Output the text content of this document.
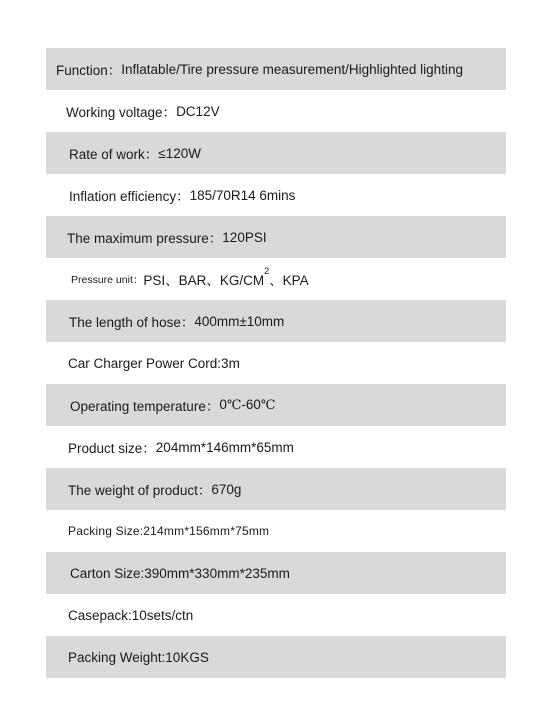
Function： Inflatable/Tire pressure measurement/Highlighted lighting
Working voltage： DC12V
Rate of work： ≤120W
Inflation efficiency： 185/70R14 6mins
The maximum pressure： 120PSI
Pressure unit： PSI、BAR、$KG/CM^2$、KPA
The length of hose： 400mm±10mm
Car Charger Power Cord:3m
Operating temperature： 0℃-60℃
Product size： 204mm*146mm*65mm
The weight of product： 670g
Packing Size:214mm*156mm*75mm
Carton Size:390mm*330mm*235mm
Casepack:10sets/ctn
Packing Weight:10KGS
